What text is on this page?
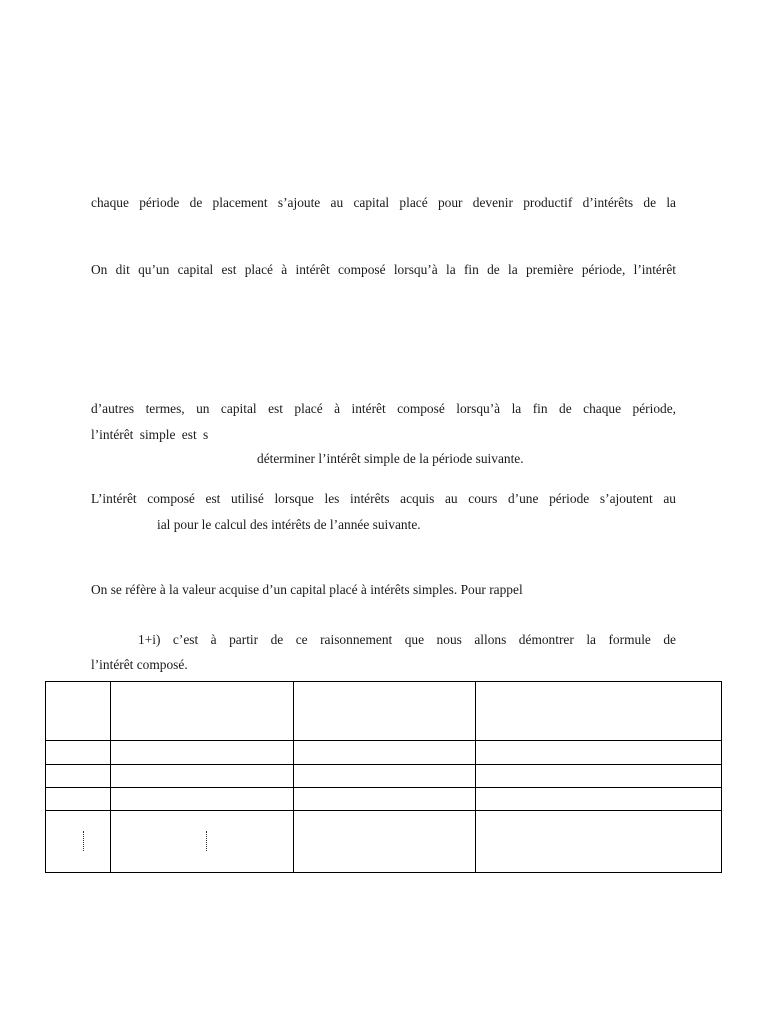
chaque période de placement s’ajoute au capital placé pour devenir productif d’intérêts de la
On dit qu’un capital est placé à intérêt composé lorsqu’à la fin de la première période, l’intérêt
d’autres termes, un capital est placé à intérêt composé lorsqu’à la fin de chaque période,
l’intérêt simple est s
déterminer l’intérêt simple de la période suivante.
L’intérêt composé est utilisé lorsque les intérêts acquis au cours d’une période s’ajoutent au
ial pour le calcul des intérêts de l’année suivante.
On se réfère à la valeur acquise d’un capital placé à intérêts simples. Pour rappel
1+i) c’est à partir de ce raisonnement que nous allons démontrer la formule de
l’intérêt composé.
